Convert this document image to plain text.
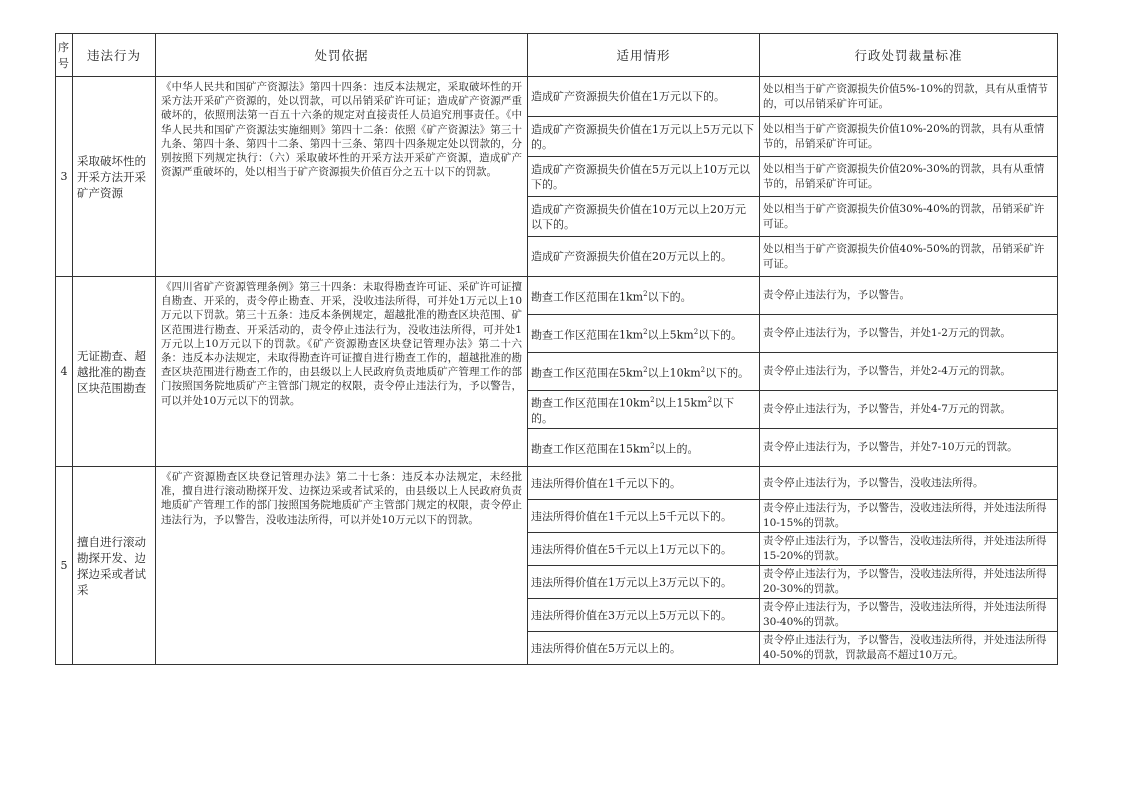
序号	违法行为	处罚依据	适用情形	行政处罚裁量标准
3	采取破坏性的开采方法开采矿产资源	《中华人民共和国矿产资源法》第四十四条：违反本法规定，采取破坏性的开采方法开采矿产资源的，处以罚款，可以吊销采矿许可证；造成矿产资源严重破坏的，依照刑法第一百五十六条的规定对直接责任人员追究刑事责任。《中华人民共和国矿产资源法实施细则》第四十二条：依照《矿产资源法》第三十九条、第四十条、第四十二条、第四十三条、第四十四条规定处以罚款的，分别按照下列规定执行：（六）采取破坏性的开采方法开采矿产资源，造成矿产资源严重破坏的，处以相当于矿产资源损失价值百分之五十以下的罚款。	造成矿产资源损失价值在1万元以下的。	处以相当于矿产资源损失价值5%-10%的罚款，具有从重情节的，可以吊销采矿许可证。
			造成矿产资源损失价值在1万元以上5万元以下的。	处以相当于矿产资源损失价值10%-20%的罚款，具有从重情节的，吊销采矿许可证。
			造成矿产资源损失价值在5万元以上10万元以下的。	处以相当于矿产资源损失价值20%-30%的罚款，具有从重情节的，吊销采矿许可证。
			造成矿产资源损失价值在10万元以上20万元以下的。	处以相当于矿产资源损失价值30%-40%的罚款，吊销采矿许可证。
			造成矿产资源损失价值在20万元以上的。	处以相当于矿产资源损失价值40%-50%的罚款，吊销采矿许可证。
4	无证勘查、超越批准的勘查区块范围勘查	《四川省矿产资源管理条例》第三十四条：未取得勘查许可证、采矿许可证擅自勘查、开采的，责令停止勘查、开采，没收违法所得，可并处1万元以上10万元以下罚款。第三十五条：违反本条例规定，超越批准的勘查区块范围、矿区范围进行勘查、开采活动的，责令停止违法行为，没收违法所得，可并处1万元以上10万元以下的罚款。《矿产资源勘查区块登记管理办法》第二十六条：违反本办法规定，未取得勘查许可证擅自进行勘查工作的，超越批准的勘查区块范围进行勘查工作的，由县级以上人民政府负责地质矿产管理工作的部门按照国务院地质矿产主管部门规定的权限，责令停止违法行为，予以警告，可以并处10万元以下的罚款。	勘查工作区范围在$1km^2$以下的。	责令停止违法行为，予以警告。
			勘查工作区范围在$1km^2$以上$5km^2$以下的。	责令停止违法行为，予以警告，并处1-2万元的罚款。
			勘查工作区范围在$5km^2$以上$10km^2$以下的。	责令停止违法行为，予以警告，并处2-4万元的罚款。
			勘查工作区范围在$10km^2$以上$15km^2$以下的。	责令停止违法行为，予以警告，并处4-7万元的罚款。
			勘查工作区范围在$15km^2$以上的。	责令停止违法行为，予以警告，并处7-10万元的罚款。
5	擅自进行滚动勘探开发、边探边采或者试采	《矿产资源勘查区块登记管理办法》第二十七条：违反本办法规定，未经批准，擅自进行滚动勘探开发、边探边采或者试采的，由县级以上人民政府负责地质矿产管理工作的部门按照国务院地质矿产主管部门规定的权限，责令停止违法行为，予以警告，没收违法所得，可以并处10万元以下的罚款。	违法所得价值在1千元以下的。	责令停止违法行为，予以警告，没收违法所得。
			违法所得价值在1千元以上5千元以下的。	责令停止违法行为，予以警告，没收违法所得，并处违法所得10-15%的罚款。
			违法所得价值在5千元以上1万元以下的。	责令停止违法行为，予以警告，没收违法所得，并处违法所得15-20%的罚款。
			违法所得价值在1万元以上3万元以下的。	责令停止违法行为，予以警告，没收违法所得，并处违法所得20-30%的罚款。
			违法所得价值在3万元以上5万元以下的。	责令停止违法行为，予以警告，没收违法所得，并处违法所得30-40%的罚款。
			违法所得价值在5万元以上的。	责令停止违法行为，予以警告，没收违法所得，并处违法所得40-50%的罚款，罚款最高不超过10万元。
